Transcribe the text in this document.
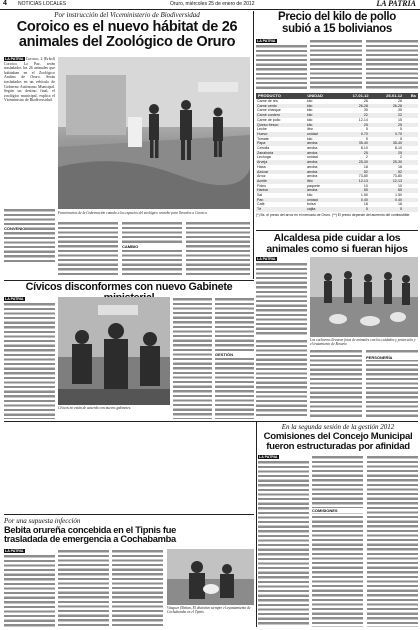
4 NOTICIAS LOCALES	Oruro, miércoles 25 de enero de 2012	LA PATRIA
Por instrucción del Viceministerio de Biodiversidad
Coroico es el nuevo hábitat de 26
animales del Zoológico de Oruro
LA PATRIA Coroico, 2 (Erbol) Coroico, La Paz, serán trasladados los 26 animales que habitaban en el Zoológico Andino de Oruro. Serán trasladados en un vehículo de Gobierno Autónomo Municipal. Según un destino final, el zoológico municipal, explica el Viceministro de Biodiversidad.
CONVENIO
Funcionarios de la Gobernación cuando a los espacios del zoológico orureño para llevarlos a Coroico.
CAMBIO
Precio del kilo de pollo
subió a 15 bolivianos
LA PATRIA
PRODUCTO	UNIDAD	17-01-12	25-01-12	Bs
Carne de res	kilo	26	26	
Carne cerdo	kilo	26-28	26-28	
Carne charque	kilo	35	35	
Carne cordero	kilo	22	22	
Carne de pollo	kilo	12-14	15	
Queso fresco	kilo	25	25	
Leche	litro	5	5	
Huevo	unidad	0.70	0.70	
Tomate	kilo	5	5	
Papa	arroba	35-40	35-40	
Cebolla	arroba	8-10	8-10	
Zanahoria	arroba	25	25	
Lechuga	unidad	2	2	
Arveja	arroba	25-30	25-30	
Haba	arroba	18	18	
Azúcar	arroba	52	52	
Arroz	arroba	73-80	73-80	
Aceite	litro	12-13	12-13	
Fideo	paquete	10	10	
Harina	arroba	65	65	
Sal	kilo	1.50	1.50	
Pan	unidad	0.40	0.40	
Café	bolsa	18	18	
Té	cajita	5	5	
(*) Bs. el precio del arroz en el mercado de Oruro. (**) El precio depende del aumento del combustible.
Alcaldesa pide cuidar a los
animales como si fueran hijos
LA PATRIA
Los cachorros llevaron fotos de animales con los cuidados y protección y el tratamiento de Rosario
PERSONERÍA
Cívicos disconformes con nuevo Gabinete
LA PATRIA
Cívicos no están de acuerdo con nuevos gabinetes.
GESTIÓN
En la segunda sesión de la gestión 2012
Comisiones del Concejo Municipal
fueron estructuradas por afinidad
LA PATRIA
COMISIONES
Por una supuesta infección
Bebita orureña concebida en el Tipnis fue
trasladada de emergencia a Cochabamba
LA PATRIA
Vásquez (Nattan, El distintivo siempre el ayuntamiento de Cochabamba en el Tipnis.
